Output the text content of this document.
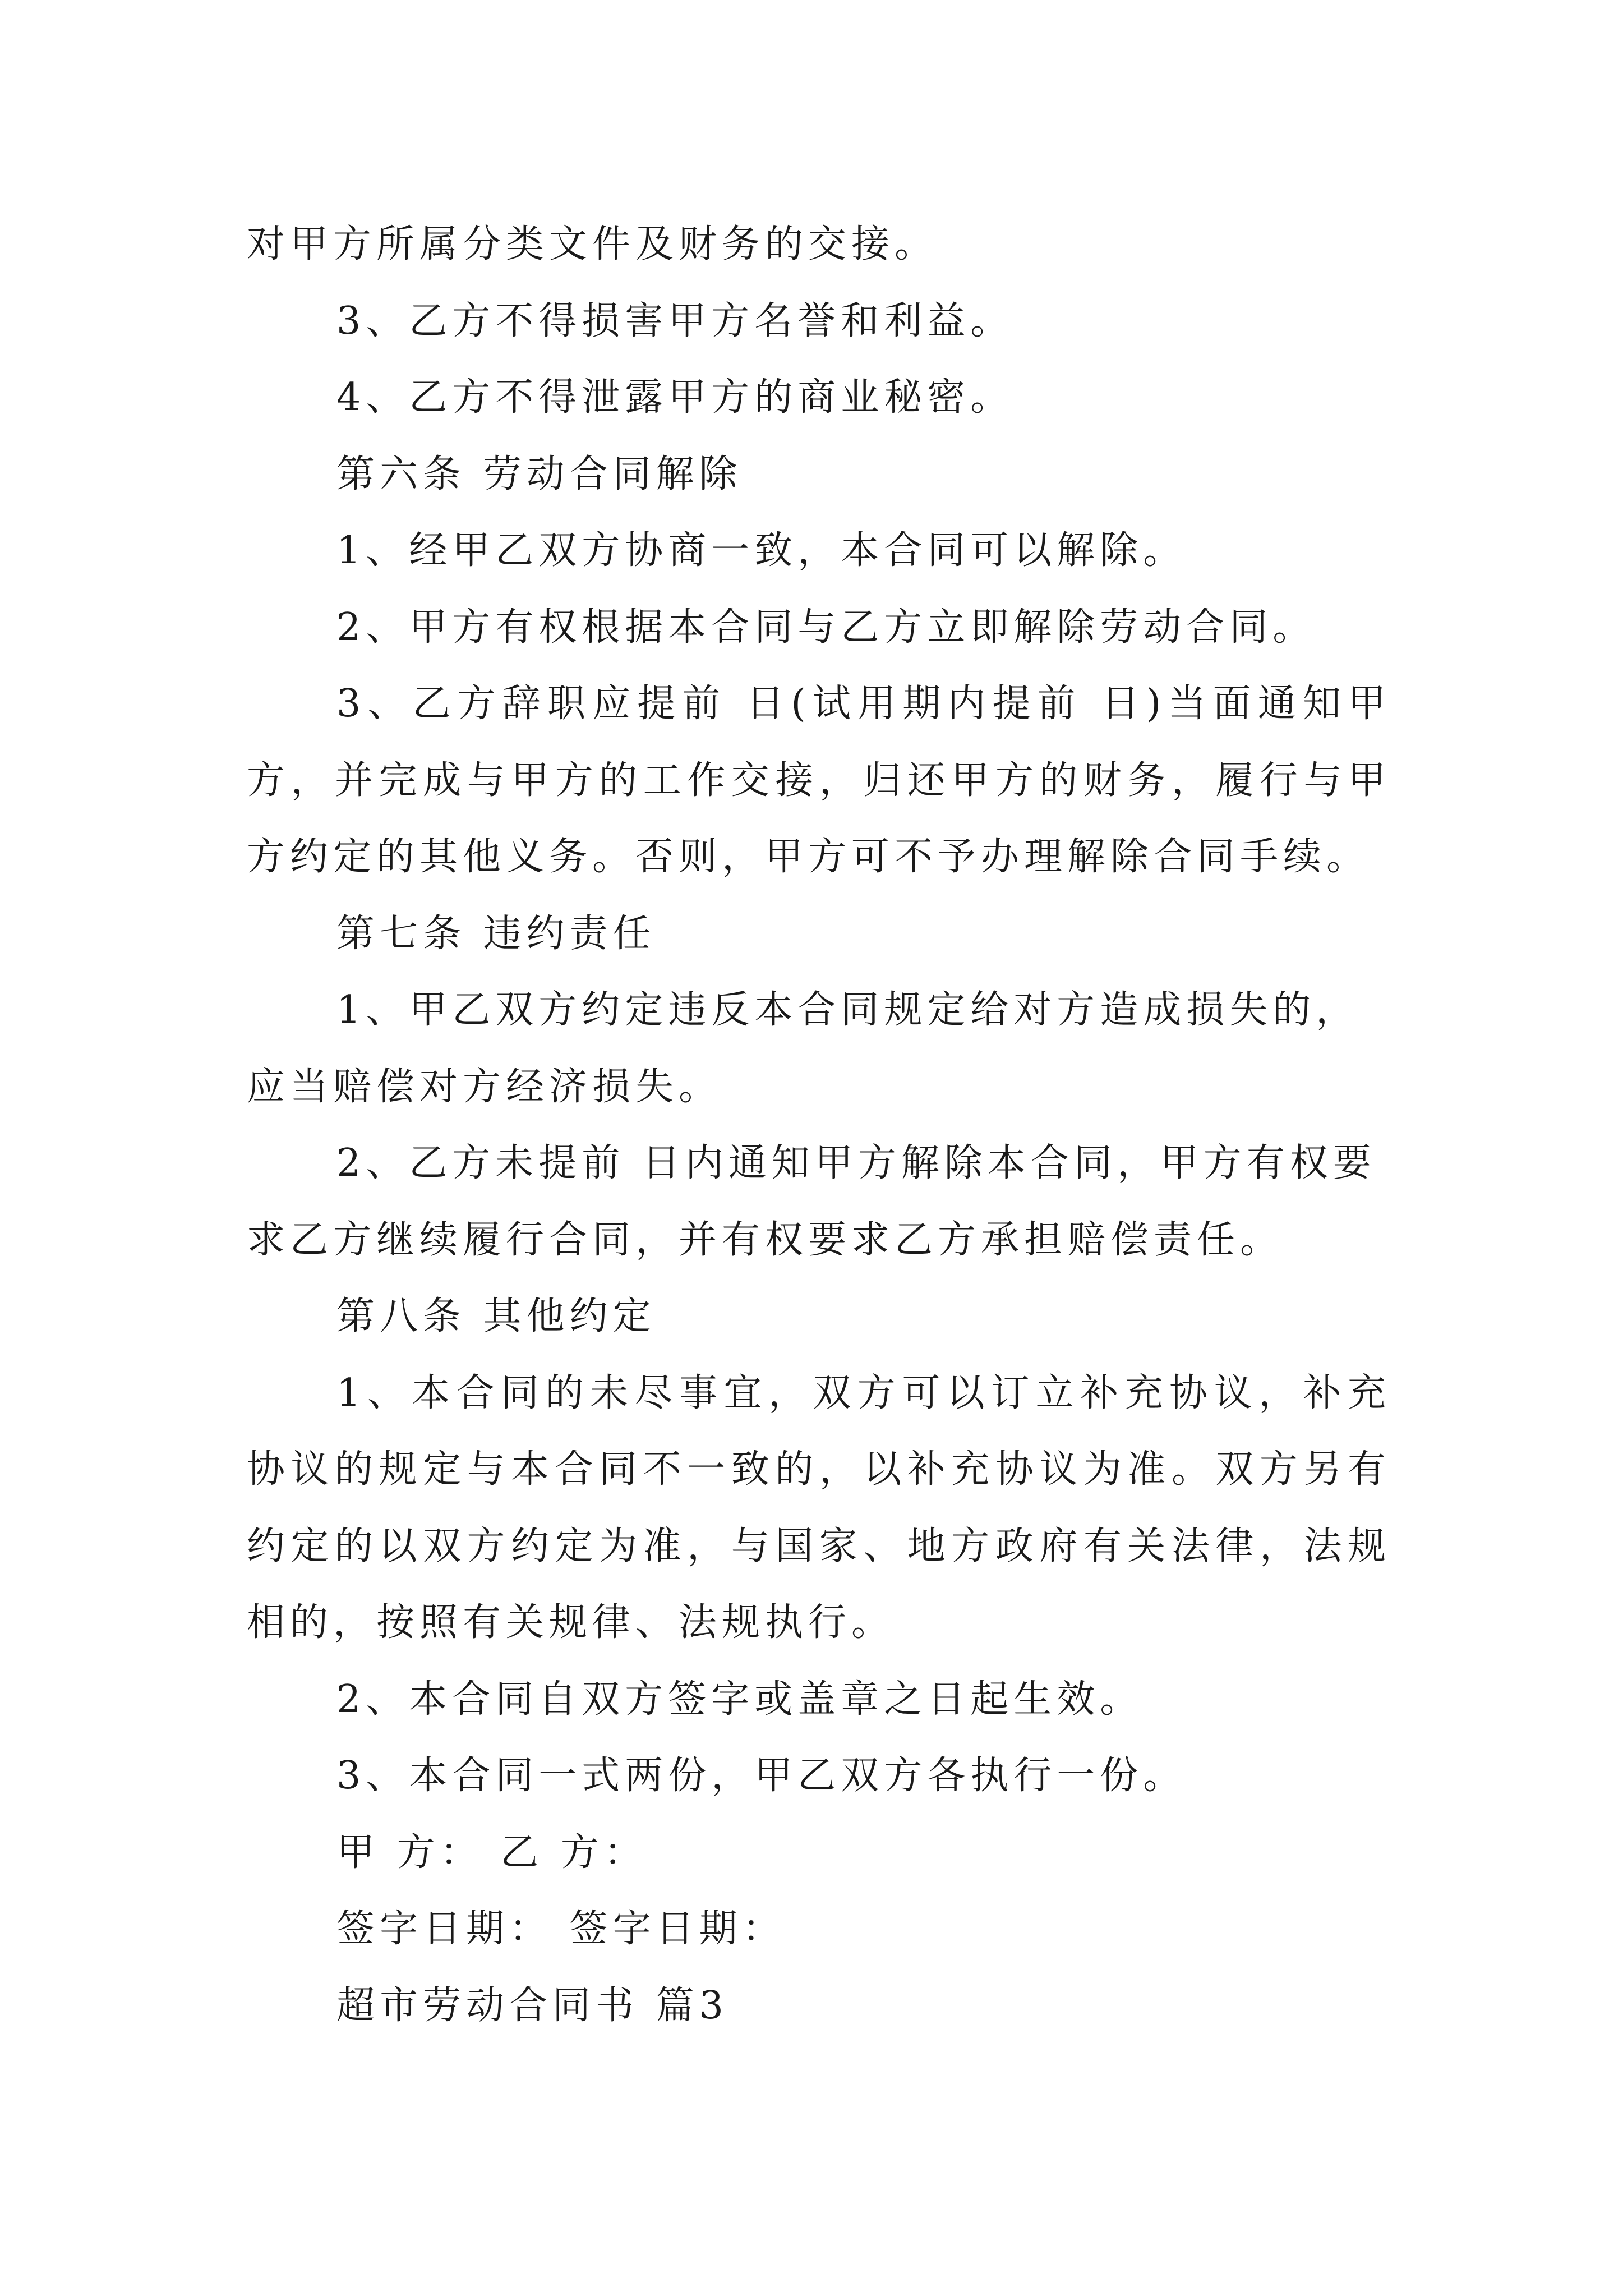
对甲方所属分类文件及财务的交接。
3、乙方不得损害甲方名誉和利益。
4、乙方不得泄露甲方的商业秘密。
第六条 劳动合同解除
1、经甲乙双方协商一致，本合同可以解除。
2、甲方有权根据本合同与乙方立即解除劳动合同。
3、乙方辞职应提前 日(试用期内提前 日)当面通知甲
方，并完成与甲方的工作交接，归还甲方的财务，履行与甲
方约定的其他义务。否则，甲方可不予办理解除合同手续。
第七条 违约责任
1、甲乙双方约定违反本合同规定给对方造成损失的，
应当赔偿对方经济损失。
2、乙方未提前 日内通知甲方解除本合同，甲方有权要
求乙方继续履行合同，并有权要求乙方承担赔偿责任。
第八条 其他约定
1、本合同的未尽事宜，双方可以订立补充协议，补充
协议的规定与本合同不一致的，以补充协议为准。双方另有
约定的以双方约定为准，与国家、地方政府有关法律，法规
相的，按照有关规律、法规执行。
2、本合同自双方签字或盖章之日起生效。
3、本合同一式两份，甲乙双方各执行一份。
甲 方： 乙 方：
签字日期： 签字日期：
超市劳动合同书 篇3
